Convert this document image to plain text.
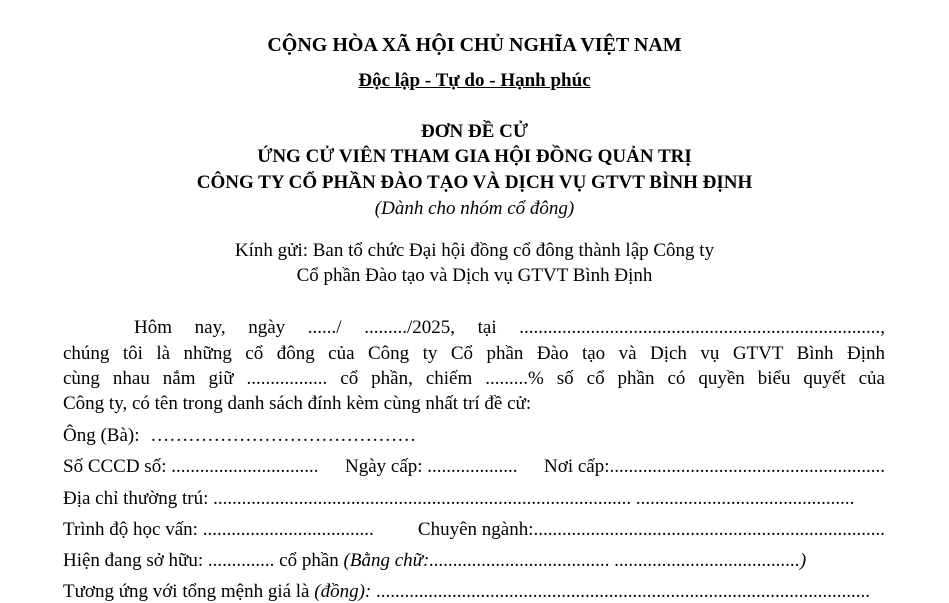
CỘNG HÒA XÃ HỘI CHỦ NGHĨA VIỆT NAM
Độc lập - Tự do - Hạnh phúc
ĐƠN ĐỀ CỬ
ỨNG CỬ VIÊN THAM GIA HỘI ĐỒNG QUẢN TRỊ
CÔNG TY CỔ PHẦN ĐÀO TẠO VÀ DỊCH VỤ GTVT BÌNH ĐỊNH
(Dành cho nhóm cổ đông)
Kính gửi: Ban tổ chức Đại hội đồng cổ đông thành lập Công ty
Cổ phần Đào tạo và Dịch vụ GTVT Bình Định
Hôm nay, ngày ....../ ........./2025, tại ............................................................................,
chúng tôi là những cổ đông của Công ty Cổ phần Đào tạo và Dịch vụ GTVT Bình Định
cùng nhau nắm giữ ................. cổ phần, chiếm .........% số cổ phần có quyền biểu quyết của
Công ty, có tên trong danh sách đính kèm cùng nhất trí đề cử:
Ông (Bà): ……………………………………
Số CCCD số: ............................... Ngày cấp: ................... Nơi cấp:..........................................................
Địa chỉ thường trú: ........................................................................................ ..............................................
Trình độ học vấn: .................................... Chuyên ngành:..........................................................................
Hiện đang sở hữu: .............. cổ phần (Bằng chữ:...................................... .......................................)
Tương ứng với tổng mệnh giá là (đồng): ........................................................................................................
